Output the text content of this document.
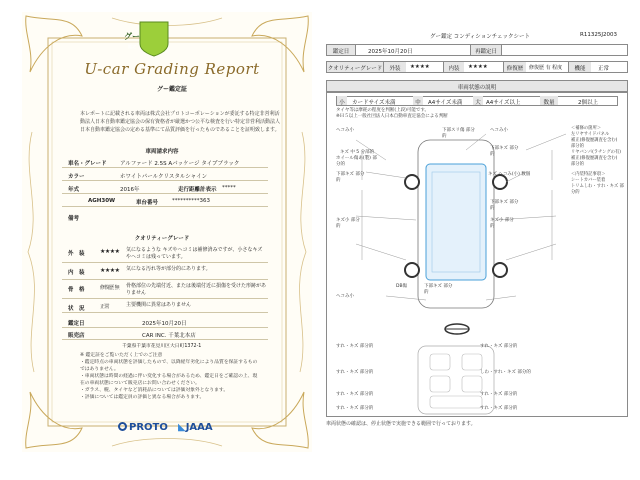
グー
鑑定
U-car Grading Report
グー鑑定証
本レポートに記載される車両は株式会社プロトコーポレーションが委託する特定非営利活動法人日本自動車鑑定協会の保有資格者が厳選かつ公平な検査を行い特定非営利活動法人日本自動車鑑定協会の定める基準にて品質評価を行ったものであることを証明致します。
車両請求内容
車名・グレード アルファード 2.5S Aパッケージ タイプブラック
カラー	ホワイトパールクリスタルシャイン
年式	2016年	走行距離計表示 *****
AGH30W	車台番号	**********363
備考
クオリティーグレード
外　装	★★★★ 気になるような キズやヘコミは補修済みですが、小さなキズやヘコミは残っています。
内　装	★★★★ 気になる汚れ等が部分的にあります。
骨　格	修復歴 無 骨格部位の先端付近、または後端付近に損傷を受けた形跡がありません
状　況	正常	主要機関に異常はありません
鑑定日	2025年10月20日
販売店	CAR INC. 千葉北本店
千葉県千葉市花見川区大日町1372-1
※ 鑑定証をご覧いただく上でのご注意
・鑑定時点の車両状態を評価したもので、以降経年劣化により品質を保証するものではありません。
・車両状態は時間の経過に伴い変化する場合があるため、鑑定日をご確認の上、現在の車両状態について販売店にお問い合わせください。
・ガラス、幌、タイヤなど消耗品については評価対象外となります。
・評価については鑑定員の評価と異なる場合があります。
PROTO ◣JAAA
グー鑑定 コンディションチェックシート	R11325J2003
鑑定日	2025年10月20日	再鑑定日
クオリティーグレード	外装	★★★★	内装	★★★★	修復歴	修復歴 有 程度	機能	正常
車両状態の説明
小	カードサイズ未満	中	A4サイズ未満	大 A4サイズ以上	数量	2個以上
タイヤ等は摩耗の程度を判断(上段)可能です。
※Ｈ５以上一般社団法人日本自動車査定協会による判断
ヘコみ小	下部スリ傷 部分的
ヘコみ小
キズ 中 5 分部的
ホイール傷あ(製) 部分的
下部キズ 部分的
下部キズ 部分的
キズ ヘコみ(小) 数個
下部キズ 部分的
キズ小 部分的
キズ小 部分的
DB傷	下部キズ 部分的
ヘコみ小
すれ・キズ 部分的	すれ・キズ 部分的
しわ・すれ・キズ 部分的
すれ・キズ 部分的
すれ・キズ 部分的	すれ・キズ 部分的
すれ・キズ 部分的	すれ・キズ 部分的
＜補修の箇所＞
左リヤサイドパネル
補正(修復歴調査を含む)
部分的
リヤバンパ(ラチングの有)
補正(修復歴調査を含む)
部分的
＜内装特記事項＞
シートカバー装着
トリムしわ・すれ・キズ 部分的
車両状態の確認は、停止状態で実施できる範囲で行っております。
